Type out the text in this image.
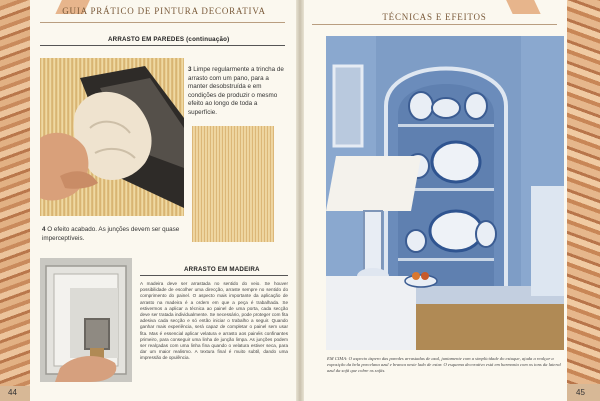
GUIA PRÁTICO DE PINTURA DECORATIVA
TÉCNICAS E EFEITOS
ARRASTO EM PAREDES (continuação)
3 Limpe regularmente a trincha de arrasto com um pano, para a manter desobstruída e em condições de produzir o mesmo efeito ao longo de toda a superfície.
4 O efeito acabado. As junções devem ser quase imperceptíveis.
ARRASTO EM MADEIRA
A madeira deve ser arrastada no sentido do veio. Se houver possibilidade de escolher uma direcção, arraste sempre no sentido do comprimento do painel. O aspecto mais importante da aplicação de arrasto na madeira é a ordem em que a peça é trabalhada. Se estivermos a aplicar a técnica ao painel de uma porta, cada secção deve ser tratada individualmente. Se necessário, pode proteger com fita adesiva cada secção e só então iniciar o trabalho a seguir. Quando ganhar mais experiência, será capaz de completar o painel sem usar fita. Mas é essencial aplicar velatura e arrasto aos painéis confinantes primeiro, para conseguir uma linha de junção limpa. As junções podem ser realçadas com uma linha fina quando o velatura estiver seca, para dar um maior realismo. A textura final é muito subtil, dando uma impressão de opulência.	EM CIMA: O aspecto áspero das paredes arrastadas de azul, juntamente com a simplicidade do estuque, ajuda a realçar a exposição da bela porcelana azul e branca neste lado de estar. O esquema decorativo está em harmonia com os tons da lateral azul da sofá que cobre os sofás.
44	45
